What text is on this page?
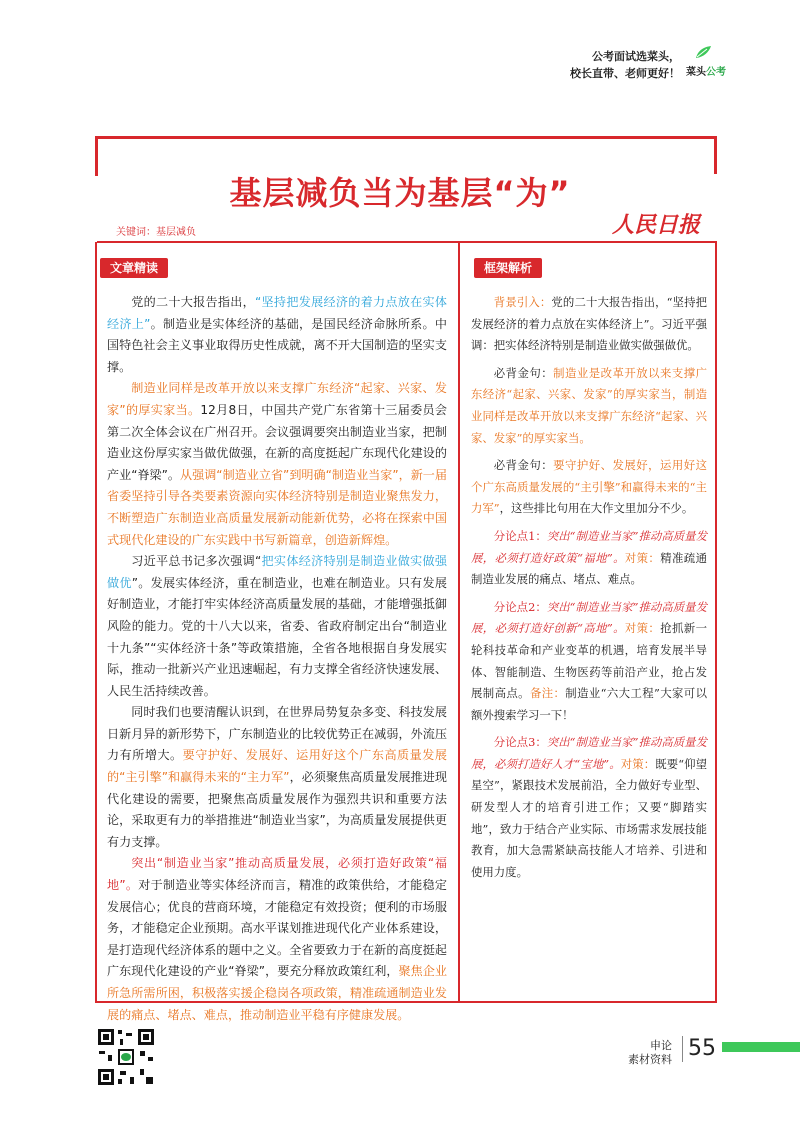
公考面试选菜头，
校长直带、老师更好！ 菜头公考
基层减负当为基层“为”
关键词：基层减负	人民日报
文章精读	框架解析

党的二十大报告指出，“坚持把发展经济的着力点放在实体经济上”。制造业是实体经济的基础，是国民经济命脉所系。中国特色社会主义事业取得历史性成就，离不开大国制造的坚实支撑。

制造业同样是改革开放以来支撑广东经济“起家、兴家、发家”的厚实家当。12月8日，中国共产党广东省第十三届委员会第二次全体会议在广州召开。会议强调要突出制造业当家，把制造业这份厚实家当做优做强，在新的高度挺起广东现代化建设的产业“脊梁”。从强调“制造业立省”到明确“制造业当家”，新一届省委坚持引导各类要素资源向实体经济特别是制造业聚焦发力，不断塑造广东制造业高质量发展新动能新优势，必将在探索中国式现代化建设的广东实践中书写新篇章，创造新辉煌。

习近平总书记多次强调“把实体经济特别是制造业做实做强做优”。发展实体经济，重在制造业，也难在制造业。只有发展好制造业，才能打牢实体经济高质量发展的基础，才能增强抵御风险的能力。党的十八大以来，省委、省政府制定出台“制造业十九条”“实体经济十条”等政策措施，全省各地根据自身发展实际，推动一批新兴产业迅速崛起，有力支撑全省经济快速发展、人民生活持续改善。

同时我们也要清醒认识到，在世界局势复杂多变、科技发展日新月异的新形势下，广东制造业的比较优势正在减弱，外流压力有所增大。要守护好、发展好、运用好这个广东高质量发展的“主引擎”和赢得未来的“主力军”，必须聚焦高质量发展推进现代化建设的需要，把聚焦高质量发展作为强烈共识和重要方法论，采取更有力的举措推进“制造业当家”，为高质量发展提供更有力支撑。

突出“制造业当家”推动高质量发展，必须打造好政策“福地”。对于制造业等实体经济而言，精准的政策供给，才能稳定发展信心；优良的营商环境，才能稳定有效投资；便利的市场服务，才能稳定企业预期。高水平谋划推进现代化产业体系建设，是打造现代经济体系的题中之义。全省要致力于在新的高度挺起广东现代化建设的产业“脊梁”，要充分释放政策红利，聚焦企业所急所需所困，积极落实援企稳岗各项政策，精准疏通制造业发展的痛点、堵点、难点，推动制造业平稳有序健康发展。

背景引入：党的二十大报告指出，“坚持把发展经济的着力点放在实体经济上”。习近平强调：把实体经济特别是制造业做实做强做优。

必背金句：制造业是改革开放以来支撑广东经济“起家、兴家、发家”的厚实家当，制造业同样是改革开放以来支撑广东经济“起家、兴家、发家”的厚实家当。

必背金句：要守护好、发展好，运用好这个广东高质量发展的“主引擎”和赢得未来的“主力军”，这些排比句用在大作文里加分不少。

分论点1：突出“制造业当家”推动高质量发展，必须打造好政策“福地”。对策：精准疏通制造业发展的痛点、堵点、难点。

分论点2：突出“制造业当家”推动高质量发展，必须打造好创新“高地”。对策：抢抓新一轮科技革命和产业变革的机遇，培育发展半导体、智能制造、生物医药等前沿产业，抢占发展制高点。备注：制造业“六大工程”大家可以额外搜索学习一下！

分论点3：突出“制造业当家”推动高质量发展，必须打造好人才“宝地”。对策：既要“仰望星空”，紧跟技术发展前沿，全力做好专业型、研发型人才的培育引进工作；又要“脚踏实地”，致力于结合产业实际、市场需求发展技能教育，加大急需紧缺高技能人才培养、引进和使用力度。

申论
素材资料 55
